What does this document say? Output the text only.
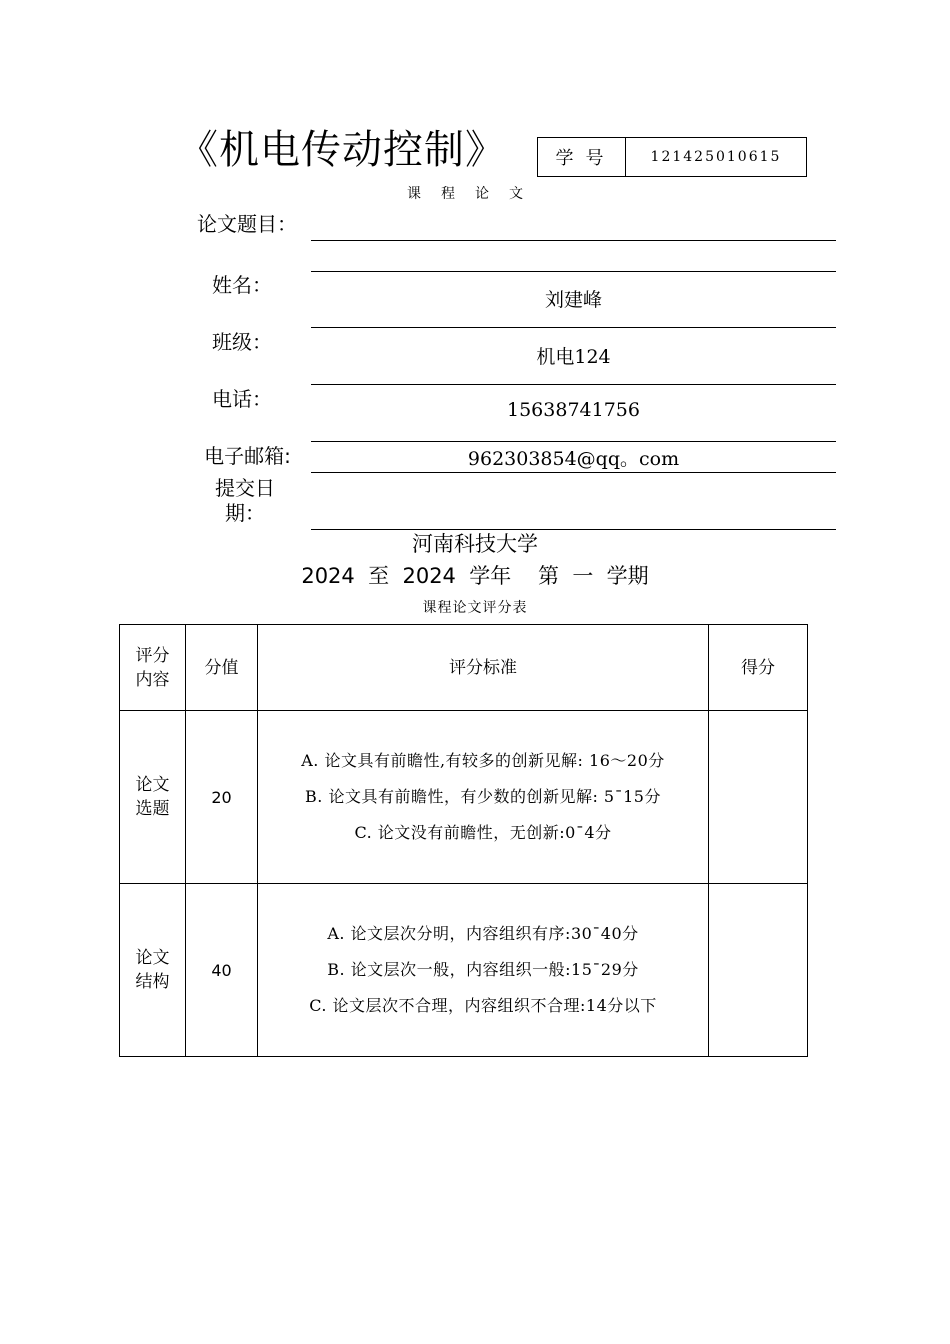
《机电传动控制》	学号	121425010615
课程论文
论文题目：
姓名：
刘建峰
班级：
机电124
电话：	15638741756
电子邮箱:	962303854@qq。com
提交日期：
河南科技大学
2024  至  2024  学年    第  一  学期
课程论文评分表
评分内容	分值	评分标准	得分
论文选题	20	A. 论文具有前瞻性,有较多的创新见解: 16～20分
B. 论文具有前瞻性，有少数的创新见解: 5¯15分
C. 论文没有前瞻性，无创新:0¯4分	

论文结构	40	A. 论文层次分明，内容组织有序:30¯40分
B. 论文层次一般，内容组织一般:15¯29分
C. 论文层次不合理，内容组织不合理:14分以下	
